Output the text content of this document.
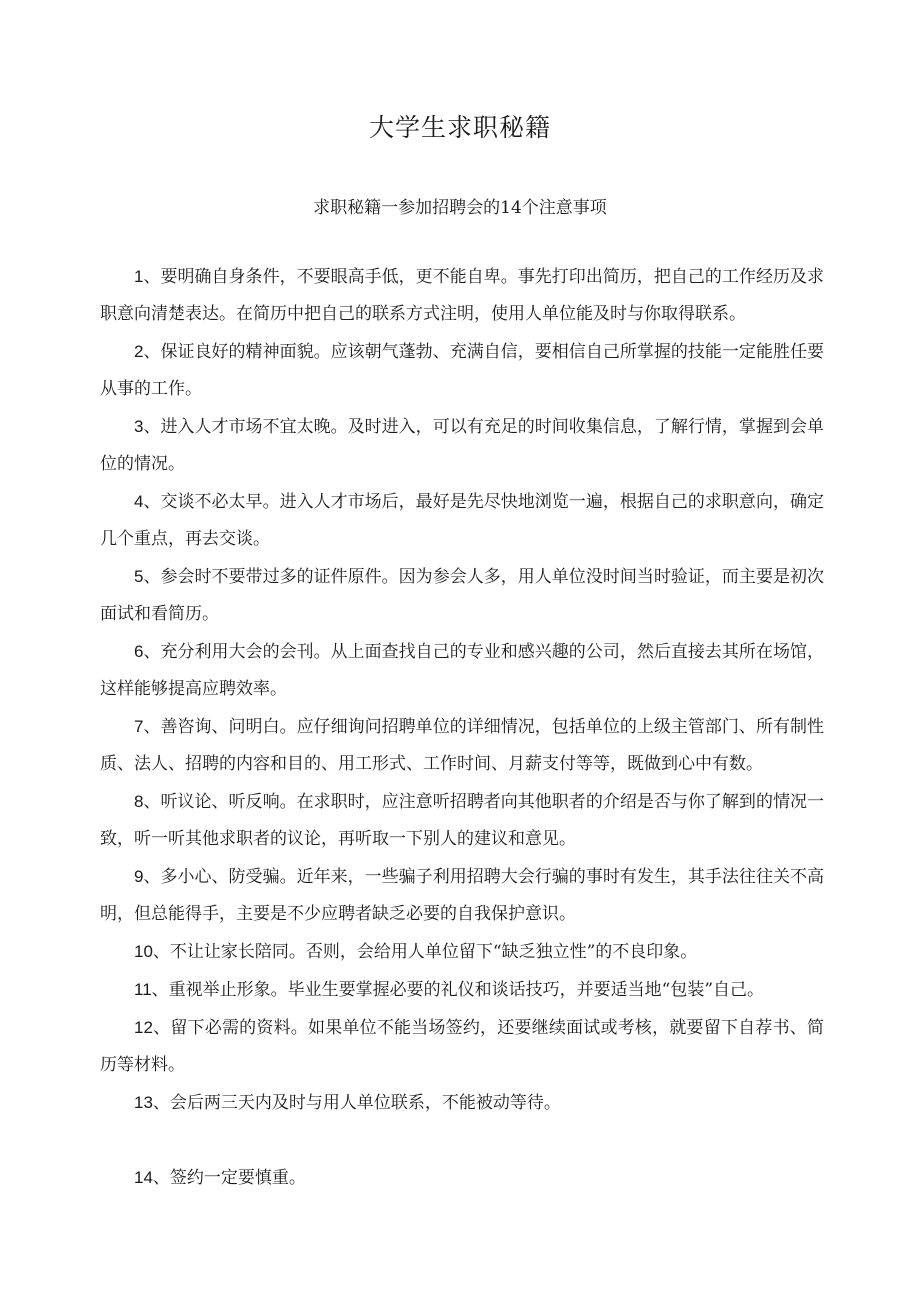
大学生求职秘籍
求职秘籍一参加招聘会的14个注意事项
1、要明确自身条件，不要眼高手低，更不能自卑。事先打印出简历，把自己的工作经历及求职意向清楚表达。在简历中把自己的联系方式注明，使用人单位能及时与你取得联系。
2、保证良好的精神面貌。应该朝气蓬勃、充满自信，要相信自己所掌握的技能一定能胜任要从事的工作。
3、进入人才市场不宜太晚。及时进入，可以有充足的时间收集信息，了解行情，掌握到会单位的情况。
4、交谈不必太早。进入人才市场后，最好是先尽快地浏览一遍，根据自己的求职意向，确定几个重点，再去交谈。
5、参会时不要带过多的证件原件。因为参会人多，用人单位没时间当时验证，而主要是初次面试和看简历。
6、充分利用大会的会刊。从上面查找自己的专业和感兴趣的公司，然后直接去其所在场馆，这样能够提高应聘效率。
7、善咨询、问明白。应仔细询问招聘单位的详细情况，包括单位的上级主管部门、所有制性质、法人、招聘的内容和目的、用工形式、工作时间、月薪支付等等，既做到心中有数。
8、听议论、听反响。在求职时，应注意听招聘者向其他职者的介绍是否与你了解到的情况一致，听一听其他求职者的议论，再听取一下别人的建议和意见。
9、多小心、防受骗。近年来，一些骗子利用招聘大会行骗的事时有发生，其手法往往关不高明，但总能得手，主要是不少应聘者缺乏必要的自我保护意识。
10、不让让家长陪同。否则，会给用人单位留下“缺乏独立性”的不良印象。
11、重视举止形象。毕业生要掌握必要的礼仪和谈话技巧，并要适当地“包装”自己。
12、留下必需的资料。如果单位不能当场签约，还要继续面试或考核，就要留下自荐书、简历等材料。
13、会后两三天内及时与用人单位联系，不能被动等待。
14、签约一定要慎重。
